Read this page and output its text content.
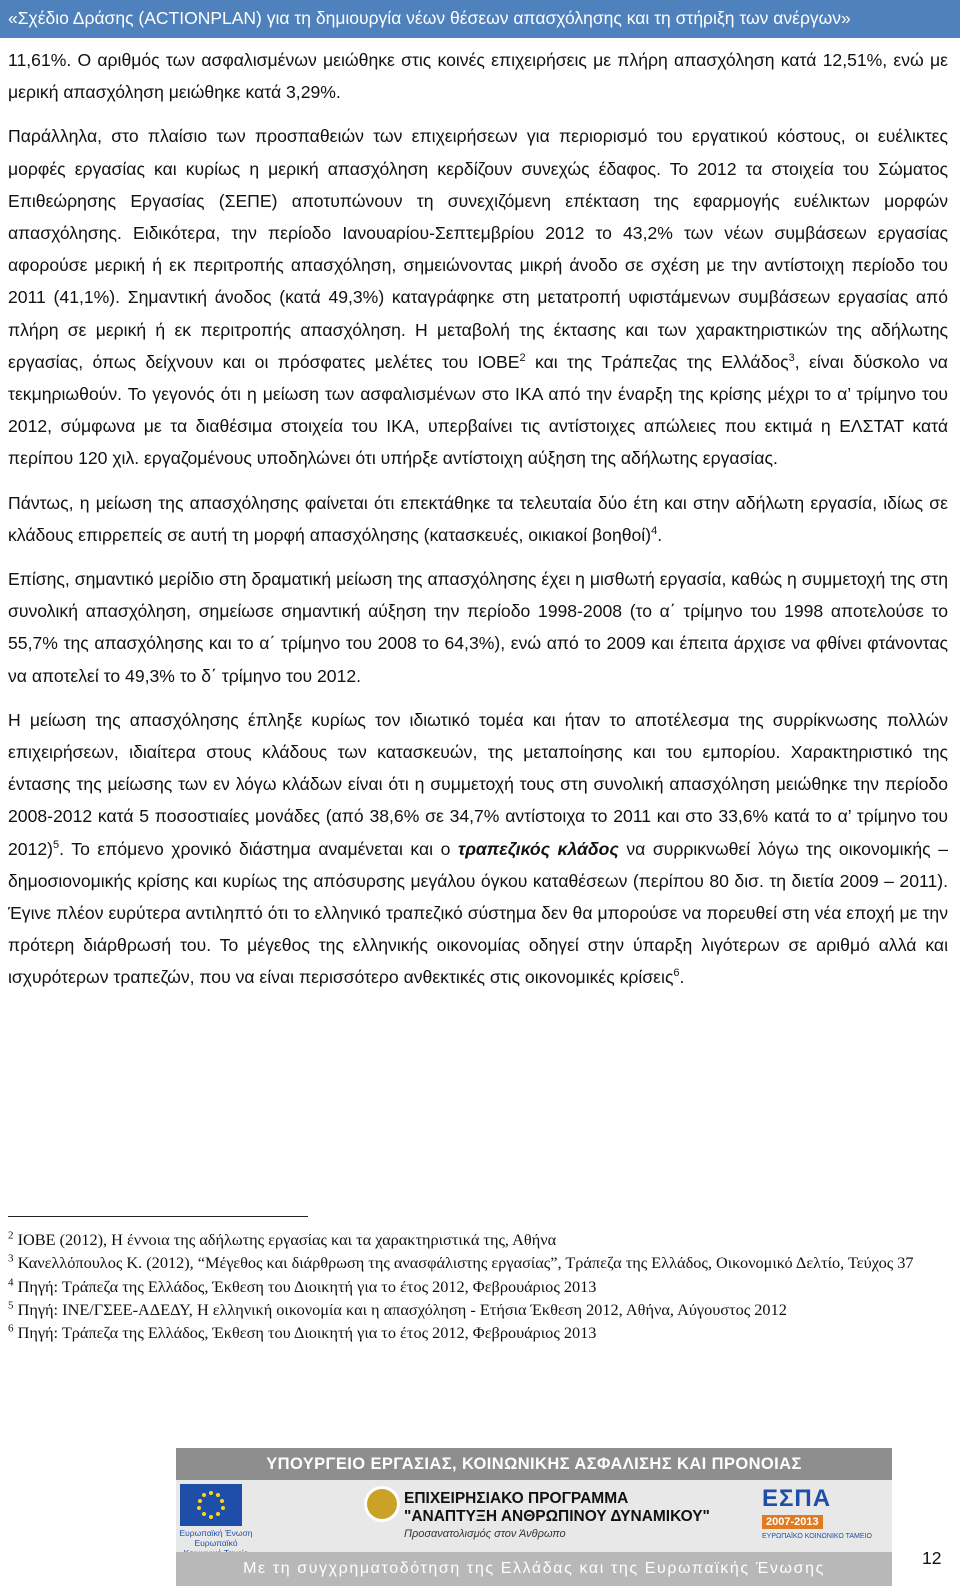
«Σχέδιο Δράσης (ACTIONPLAN) για τη δημιουργία νέων θέσεων απασχόλησης και τη στήριξη των ανέργων»

11,61%. Ο αριθμός των ασφαλισμένων μειώθηκε στις κοινές επιχειρήσεις με πλήρη απασχόληση κατά 12,51%, ενώ με μερική απασχόληση μειώθηκε κατά 3,29%.

Παράλληλα, στο πλαίσιο των προσπαθειών των επιχειρήσεων για περιορισμό του εργατικού κόστους, οι ευέλικτες μορφές εργασίας και κυρίως η μερική απασχόληση κερδίζουν συνεχώς έδαφος. Το 2012 τα στοιχεία του Σώματος Επιθεώρησης Εργασίας (ΣΕΠΕ) αποτυπώνουν τη συνεχιζόμενη επέκταση της εφαρμογής ευέλικτων μορφών απασχόλησης. Ειδικότερα, την περίοδο Ιανουαρίου-Σεπτεμβρίου 2012 το 43,2% των νέων συμβάσεων εργασίας αφορούσε μερική ή εκ περιτροπής απασχόληση, σημειώνοντας μικρή άνοδο σε σχέση με την αντίστοιχη περίοδο του 2011 (41,1%). Σημαντική άνοδος (κατά 49,3%) καταγράφηκε στη μετατροπή υφιστάμενων συμβάσεων εργασίας από πλήρη σε μερική ή εκ περιτροπής απασχόληση. Η μεταβολή της έκτασης και των χαρακτηριστικών της αδήλωτης εργασίας, όπως δείχνουν και οι πρόσφατες μελέτες του ΙΟΒΕ$^2$ και της Τράπεζας της Ελλάδος$^3$, είναι δύσκολο να τεκμηριωθούν. Το γεγονός ότι η μείωση των ασφαλισμένων στο ΙΚΑ από την έναρξη της κρίσης μέχρι το α’ τρίμηνο του 2012, σύμφωνα με τα διαθέσιμα στοιχεία του ΙΚΑ, υπερβαίνει τις αντίστοιχες απώλειες που εκτιμά η ΕΛΣΤΑΤ κατά περίπου 120 χιλ. εργαζομένους υποδηλώνει ότι υπήρξε αντίστοιχη αύξηση της αδήλωτης εργασίας.

Πάντως, η μείωση της απασχόλησης φαίνεται ότι επεκτάθηκε τα τελευταία δύο έτη και στην αδήλωτη εργασία, ιδίως σε κλάδους επιρρεπείς σε αυτή τη μορφή απασχόλησης (κατασκευές, οικιακοί βοηθοί)$^4$.

Επίσης, σημαντικό μερίδιο στη δραματική μείωση της απασχόλησης έχει η μισθωτή εργασία, καθώς η συμμετοχή της στη συνολική απασχόληση, σημείωσε σημαντική αύξηση την περίοδο 1998-2008 (το α΄ τρίμηνο του 1998 αποτελούσε το 55,7% της απασχόλησης και το α΄ τρίμηνο του 2008 το 64,3%), ενώ από το 2009 και έπειτα άρχισε να φθίνει φτάνοντας να αποτελεί το 49,3% το δ΄ τρίμηνο του 2012.

Η μείωση της απασχόλησης έπληξε κυρίως τον ιδιωτικό τομέα και ήταν το αποτέλεσμα της συρρίκνωσης πολλών επιχειρήσεων, ιδιαίτερα στους κλάδους των κατασκευών, της μεταποίησης και του εμπορίου. Χαρακτηριστικό της έντασης της μείωσης των εν λόγω κλάδων είναι ότι η συμμετοχή τους στη συνολική απασχόληση μειώθηκε την περίοδο 2008-2012 κατά 5 ποσοστιαίες μονάδες (από 38,6% σε 34,7% αντίστοιχα το 2011 και στο 33,6% κατά το α’ τρίμηνο του 2012)$^5$. Το επόμενο χρονικό διάστημα αναμένεται και ο τραπεζικός κλάδος να συρρικνωθεί λόγω της οικονομικής – δημοσιονομικής κρίσης και κυρίως της απόσυρσης μεγάλου όγκου καταθέσεων (περίπου 80 δισ. τη διετία 2009 – 2011). Έγινε πλέον ευρύτερα αντιληπτό ότι το ελληνικό τραπεζικό σύστημα δεν θα μπορούσε να πορευθεί στη νέα εποχή με την πρότερη διάρθρωσή του. Το μέγεθος της ελληνικής οικονομίας οδηγεί στην ύπαρξη λιγότερων σε αριθμό αλλά και ισχυρότερων τραπεζών, που να είναι περισσότερο ανθεκτικές στις οικονομικές κρίσεις$^6$.

$^2$ ΙΟΒΕ (2012), Η έννοια της αδήλωτης εργασίας και τα χαρακτηριστικά της, Αθήνα

$^3$ Κανελλόπουλος Κ. (2012), “Μέγεθος και διάρθρωση της ανασφάλιστης εργασίας”, Τράπεζα της Ελλάδος, Οικονομικό Δελτίο, Τεύχος 37

$^4$ Πηγή: Τράπεζα της Ελλάδος, Έκθεση του Διοικητή για το έτος 2012, Φεβρουάριος 2013

$^5$ Πηγή: ΙΝΕ/ΓΣΕΕ-ΑΔΕΔΥ, Η ελληνική οικονομία και η απασχόληση - Ετήσια Έκθεση 2012, Αθήνα, Αύγουστος 2012

$^6$ Πηγή: Τράπεζα της Ελλάδος, Έκθεση του Διοικητή για το έτος 2012, Φεβρουάριος 2013

ΥΠΟΥΡΓΕΙΟ ΕΡΓΑΣΙΑΣ, ΚΟΙΝΩΝΙΚΗΣ ΑΣΦΑΛΙΣΗΣ ΚΑΙ ΠΡΟΝΟΙΑΣ
Ευρωπαϊκή Ένωση Ευρωπαϊκό
ΕΠΙΧΕΙΡΗΣΙΑΚΟ ΠΡΟΓΡΑΜΜΑ
"ΑΝΑΠΤΥΞΗ ΑΝΘΡΩΠΙΝΟΥ ΔΥΝΑΜΙΚΟΥ"
Προσανατολισμός στον Άνθρωπο
ΕΣΠΑ
2007-2013
ΕΥΡΩΠΑΪΚΟ ΚΟΙΝΩΝΙΚΟ ΤΑΜΕΙΟ
Με τη συγχρηματοδότηση της Ελλάδας και της Ευρωπαϊκής Ένωσης
12
